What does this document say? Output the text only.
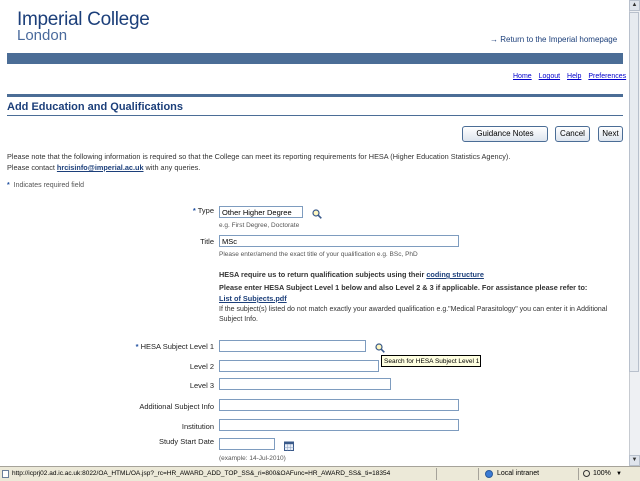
Imperial College
London	→ Return to the Imperial homepage
Home Logout Help Preferences
Add Education and Qualifications
Guidance Notes	Cancel	Next
Please note that the following information is required so that the College can meet its reporting requirements for HESA (Higher Education Statistics Agency).
Please contact hrcisinfo@imperial.ac.uk with any queries.
* Indicates required field
* Type	Other Higher Degree
e.g. First Degree, Doctorate
Title	MSc
Please enter/amend the exact title of your qualification e.g. BSc, PhD
HESA require us to return qualification subjects using their coding structure
Please enter HESA Subject Level 1 below and also Level 2 & 3 if applicable. For assistance please refer to:
List of Subjects.pdf
If the subject(s) listed do not match exactly your awarded qualification e.g."Medical Parasitology" you can enter it in Additional Subject Info.
* HESA Subject Level 1
Search for HESA Subject Level 1
Level 2
Level 3
Additional Subject Info
Institution
Study Start Date
(example: 14-Jul-2010)
▲
▼
http://icprj02.ad.ic.ac.uk:8022/OA_HTML/OA.jsp?_rc=HR_AWARD_ADD_TOP_SS&_ri=800&OAFunc=HR_AWARD_SS&_ti=18354	Local intranet	100% ▼
